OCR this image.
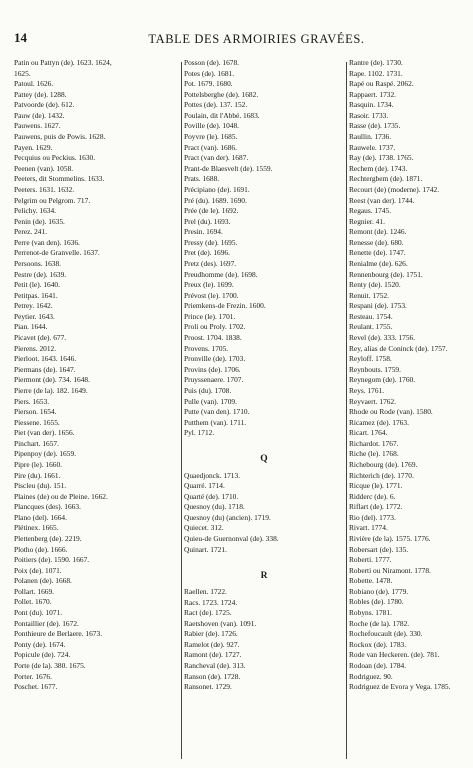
14	TABLE DES ARMOIRIES GRAVÉES.
Patin ou Pattyn (de). 1623. 1624,
1625.
Patoul. 1626.
Pattey (de). 1288.
Patvoorde (de). 612.
Pauw (de). 1432.
Pauwens. 1627.
Pauwens, puis de Powis. 1628.
Payen. 1629.
Pecquius ou Peckius. 1630.
Peenen (van). 1058.
Peeters, dit Stommelins. 1633.
Peeters. 1631. 1632.
Pelgrim ou Pelgrom. 717.
Pelichy. 1634.
Penin (de). 1635.
Perez. 241.
Perre (van den). 1636.
Perrenot-de Granvelle. 1637.
Persoons. 1638.
Pestre (de). 1639.
Petit (le). 1640.
Petitpas. 1641.
Petrey. 1642.
Peytier. 1643.
Pian. 1644.
Picavet (de). 677.
Pierens. 2012.
Pierloot. 1643. 1646.
Piermans (de). 1647.
Piermont (de). 734. 1648.
Pierre (de la). 182. 1649.
Piers. 1653.
Pierson. 1654.
Piessene. 1655.
Piet (van der). 1656.
Pinchart. 1657.
Pipenpoy (de). 1659.
Pipre (le). 1660.
Pire (du). 1661.
Piscleu (du). 151.
Plaines (de) ou de Pleine. 1662.
Plancques (des). 1663.
Plano (del). 1664.
Plétinex. 1665.
Plettenberg (de). 2219.
Plotho (de). 1666.
Poitiers (de). 1590. 1667.
Poix (de). 1071.
Polanen (de). 1668.
Pollart. 1669.
Pollet. 1670.
Pont (du). 1071.
Pontaillier (de). 1672.
Ponthieure de Berlaere. 1673.
Ponty (de). 1674.
Popicule (de). 724.
Porte (de la). 380. 1675.
Porter. 1676.
Poschet. 1677.
Posson (de). 1678.
Potes (de). 1681.
Pot. 1679. 1680.
Pottelsberghe (de). 1682.
Pottes (de). 137. 152.
Poulain, dit l'Abbé. 1683.
Poville (de). 1048.
Poyvre (le). 1685.
Pract (van). 1686.
Pract (van der). 1687.
Prant-de Blaesvelt (de). 1559.
Prats. 1688.
Précipiano (de). 1691.
Pré (du). 1689. 1690.
Prée (de le). 1692.
Prel (du). 1693.
Presin. 1694.
Pressy (de). 1695.
Pret (de). 1696.
Pretz (des). 1697.
Preudhomme (de). 1698.
Preux (le). 1699.
Prévost (le). 1700.
Priemkens-de Frezin. 1600.
Prince (le). 1701.
Proli ou Proly. 1702.
Proost. 1704. 1838.
Provens. 1705.
Pronville (de). 1703.
Provins (de). 1706.
Pruyssenaere. 1707.
Puis (du). 1708.
Pulle (van). 1709.
Putte (van den). 1710.
Putthem (van). 1711.
Pyl. 1712.
Q
Quaedjonck. 1713.
Quarré. 1714.
Quarté (de). 1710.
Quesnoy (du). 1718.
Quesnoy (du) (ancien). 1719.
Quiecet. 312.
Quieu-de Guernonval (de). 338.
Quinart. 1721.
R
Raellen. 1722.
Racs. 1723. 1724.
Ract (de). 1725.
Raetshoven (van). 1091.
Rabier (de). 1726.
Ramelot (de). 927.
Ramont (de). 1727.
Rancheval (de). 313.
Ranson (de). 1728.
Ransonet. 1729.
Rantre (de). 1730.
Rape. 1102. 1731.
Rapé ou Raspé. 2062.
Rappaert. 1732.
Rasquin. 1734.
Rasoir. 1733.
Rasse (de). 1735.
Raullin. 1736.
Rauwele. 1737.
Ray (de). 1738. 1765.
Rechem (de). 1743.
Rechtergbem (de). 1871.
Recourt (de) (moderne). 1742.
Reest (van der). 1744.
Regaus. 1745.
Regnier. 41.
Remont (de). 1246.
Renesse (de). 680.
Renette (de). 1747.
Renialme (de). 626.
Rennenbourg (de). 1751.
Renty (de). 1520.
Renuit. 1752.
Respani (de). 1753.
Resteau. 1754.
Reulant. 1755.
Revel (de). 333. 1756.
Rey, alias de Coninck (de). 1757.
Reyloff. 1758.
Reynbouts. 1759.
Reynegom (de). 1760.
Reys. 1761.
Reyvaert. 1762.
Rhode ou Rode (van). 1580.
Ricamez (de). 1763.
Ricart. 1764.
Richardot. 1767.
Riche (le). 1768.
Richebourg (de). 1769.
Richterich (de). 1770.
Ricque (le). 1771.
Ridderc (de). 6.
Riflart (de). 1772.
Rio (del). 1773.
Rivart. 1774.
Rivière (de la). 1575. 1776.
Robersart (de). 135.
Roberti. 1777.
Roberti ou Niramont. 1778.
Robette. 1478.
Robiano (de). 1779.
Robles (de). 1780.
Robyns. 1781.
Roche (de la). 1782.
Rochefoucault (de). 330.
Rockox (de). 1783.
Rode van Heckeren. (de). 781.
Rodoan (de). 1784.
Rodriguez. 90.
Rodriguez de Evora y Vega. 1785.
